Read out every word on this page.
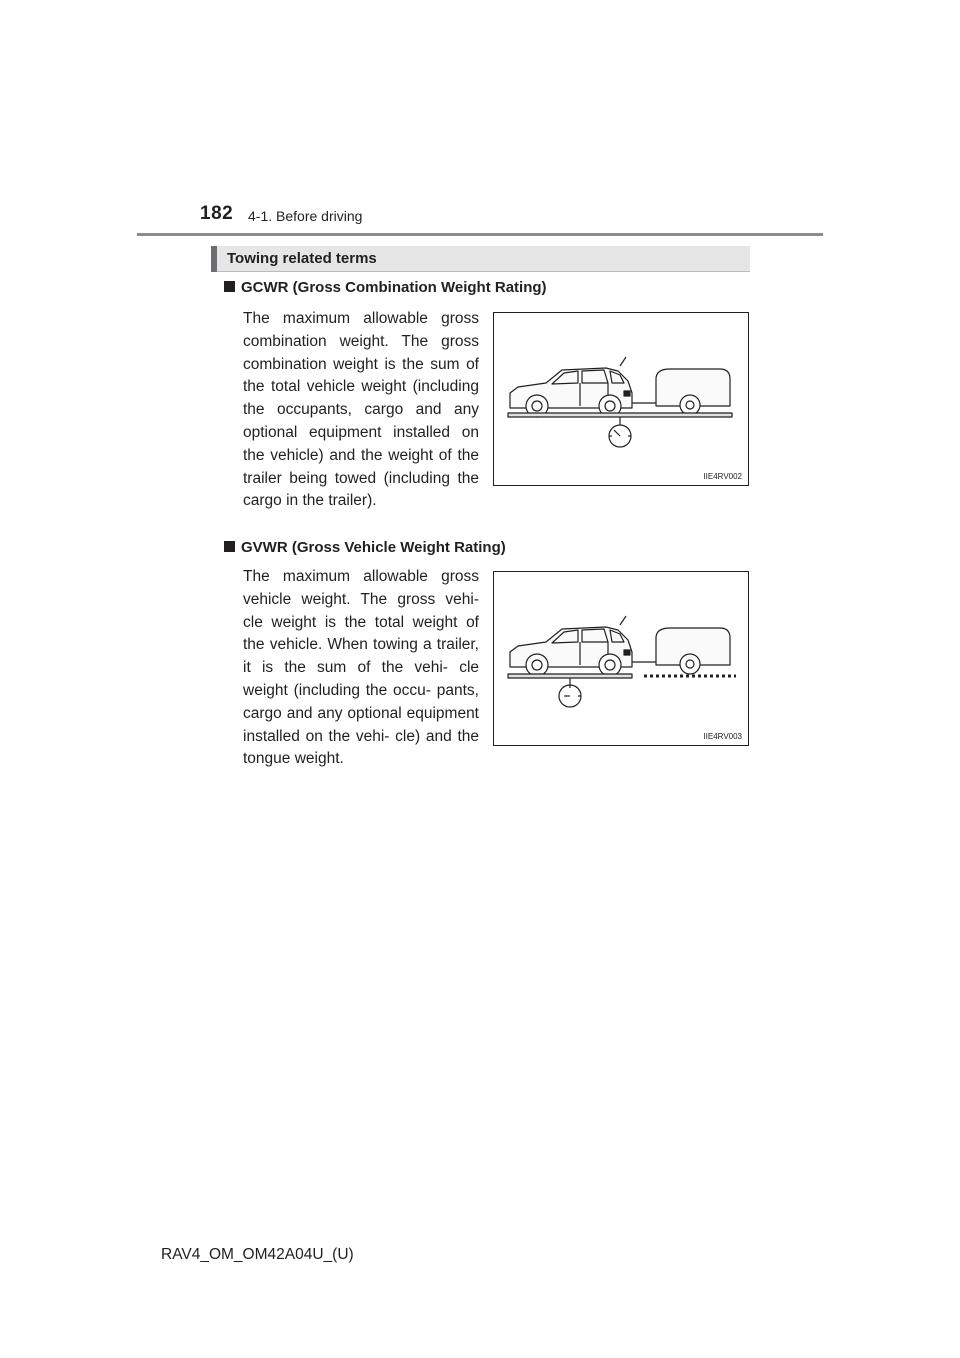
182 4-1. Before driving
Towing related terms
GCWR (Gross Combination Weight Rating)

The maximum allowable gross combination weight. The gross combination weight is the sum of the total vehicle weight (including the occupants, cargo and any optional equipment installed on the vehicle) and the weight of the trailer being towed (including the cargo in the trailer).

IIE4RV002
GVWR (Gross Vehicle Weight Rating)

The maximum allowable gross vehicle weight. The gross vehi- cle weight is the total weight of the vehicle. When towing a trailer, it is the sum of the vehi- cle weight (including the occu- pants, cargo and any optional equipment installed on the vehi- cle) and the tongue weight.

IIE4RV003
RAV4_OM_OM42A04U_(U)
